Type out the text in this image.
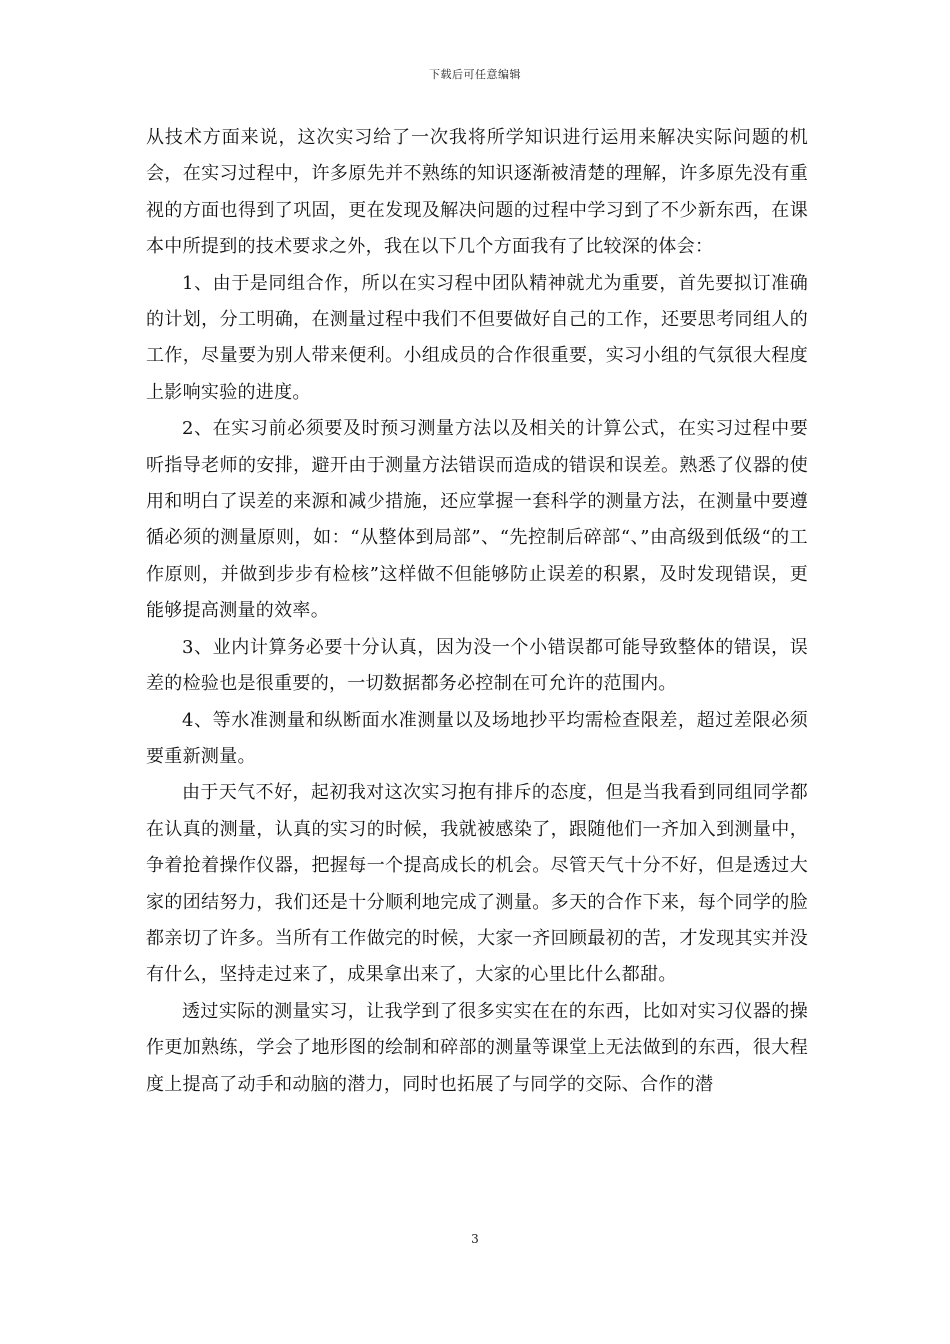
下载后可任意编辑

从技术方面来说，这次实习给了一次我将所学知识进行运用来解决实际问题的机会，在实习过程中，许多原先并不熟练的知识逐渐被清楚的理解，许多原先没有重视的方面也得到了巩固，更在发现及解决问题的过程中学习到了不少新东西，在课本中所提到的技术要求之外，我在以下几个方面我有了比较深的体会：

1、由于是同组合作，所以在实习程中团队精神就尤为重要，首先要拟订准确的计划，分工明确，在测量过程中我们不但要做好自己的工作，还要思考同组人的工作，尽量要为别人带来便利。小组成员的合作很重要，实习小组的气氛很大程度上影响实验的进度。

2、在实习前必须要及时预习测量方法以及相关的计算公式，在实习过程中要听指导老师的安排，避开由于测量方法错误而造成的错误和误差。熟悉了仪器的使用和明白了误差的来源和减少措施，还应掌握一套科学的测量方法，在测量中要遵循必须的测量原则，如：“从整体到局部”、“先控制后碎部“、”由高级到低级“的工作原则，并做到步步有检核”这样做不但能够防止误差的积累，及时发现错误，更能够提高测量的效率。

3、业内计算务必要十分认真，因为没一个小错误都可能导致整体的错误，误差的检验也是很重要的，一切数据都务必控制在可允许的范围内。

4、等水准测量和纵断面水准测量以及场地抄平均需检查限差，超过差限必须要重新测量。

由于天气不好，起初我对这次实习抱有排斥的态度，但是当我看到同组同学都在认真的测量，认真的实习的时候，我就被感染了，跟随他们一齐加入到测量中，争着抢着操作仪器，把握每一个提高成长的机会。尽管天气十分不好，但是透过大家的团结努力，我们还是十分顺利地完成了测量。多天的合作下来，每个同学的脸都亲切了许多。当所有工作做完的时候，大家一齐回顾最初的苦，才发现其实并没有什么，坚持走过来了，成果拿出来了，大家的心里比什么都甜。

透过实际的测量实习，让我学到了很多实实在在的东西，比如对实习仪器的操作更加熟练，学会了地形图的绘制和碎部的测量等课堂上无法做到的东西，很大程度上提高了动手和动脑的潜力，同时也拓展了与同学的交际、合作的潜

3
